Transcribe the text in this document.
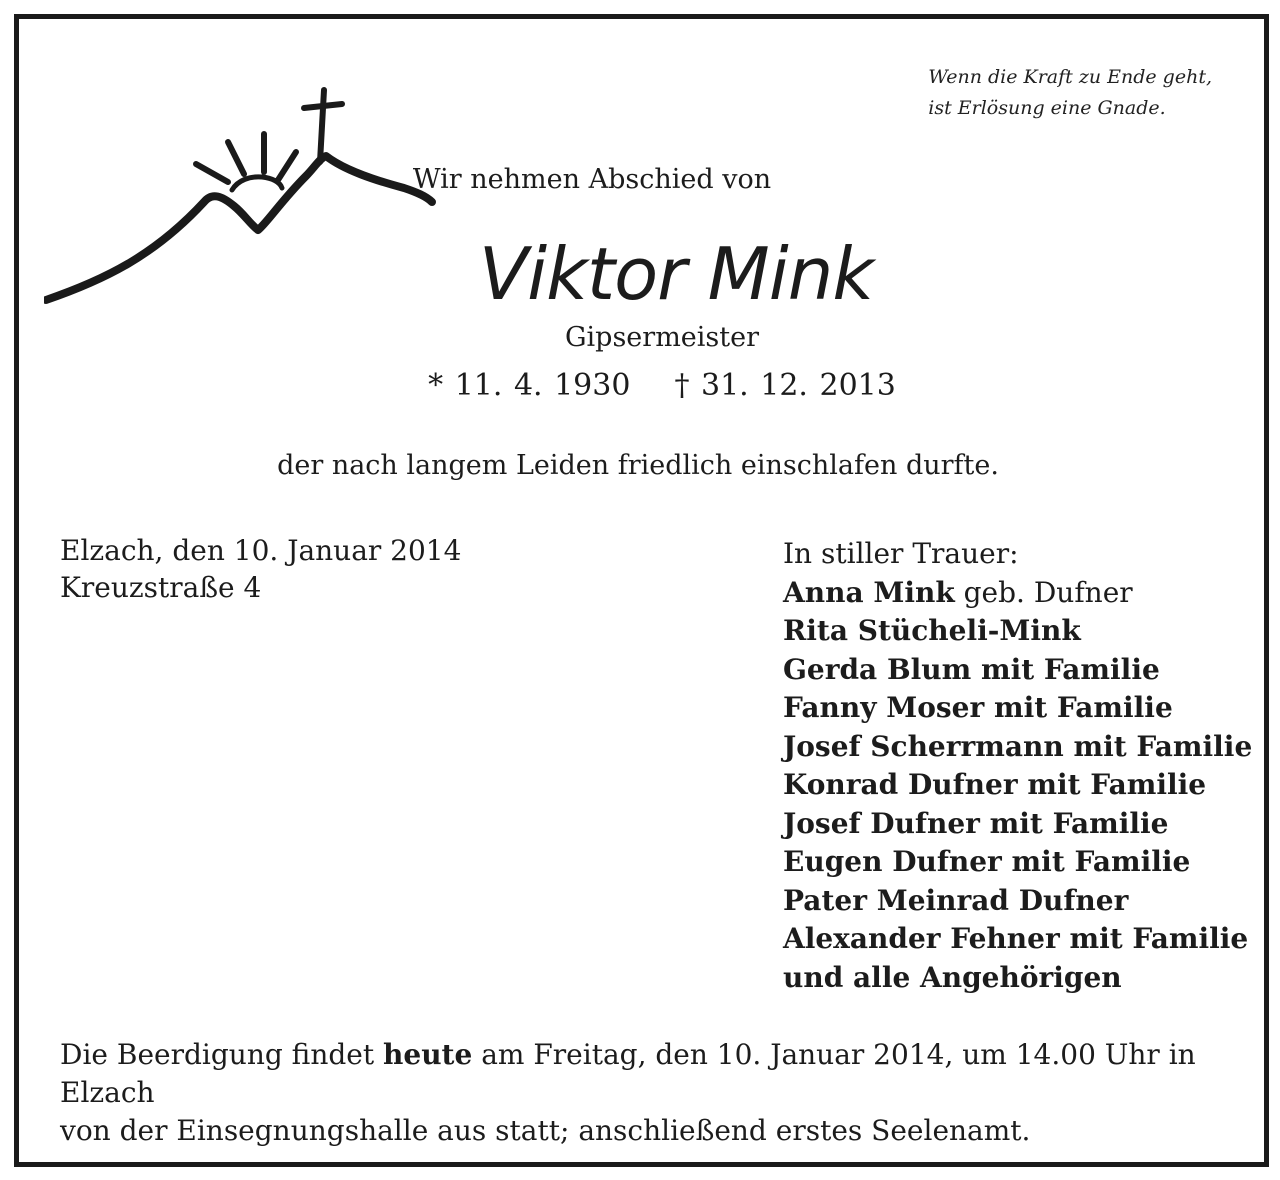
Wenn die Kraft zu Ende geht,
ist Erlösung eine Gnade.
Wir nehmen Abschied von
Viktor Mink
Gipsermeister
* 11. 4. 1930 † 31. 12. 2013
der nach langem Leiden friedlich einschlafen durfte.
Elzach, den 10. Januar 2014
Kreuzstraße 4
In stiller Trauer:
Anna Mink geb. Dufner
Rita Stücheli-Mink
Gerda Blum mit Familie
Fanny Moser mit Familie
Josef Scherrmann mit Familie
Konrad Dufner mit Familie
Josef Dufner mit Familie
Eugen Dufner mit Familie
Pater Meinrad Dufner
Alexander Fehner mit Familie
und alle Angehörigen
Die Beerdigung findet heute am Freitag, den 10. Januar 2014, um 14.00 Uhr in Elzach
von der Einsegnungshalle aus statt; anschließend erstes Seelenamt.
